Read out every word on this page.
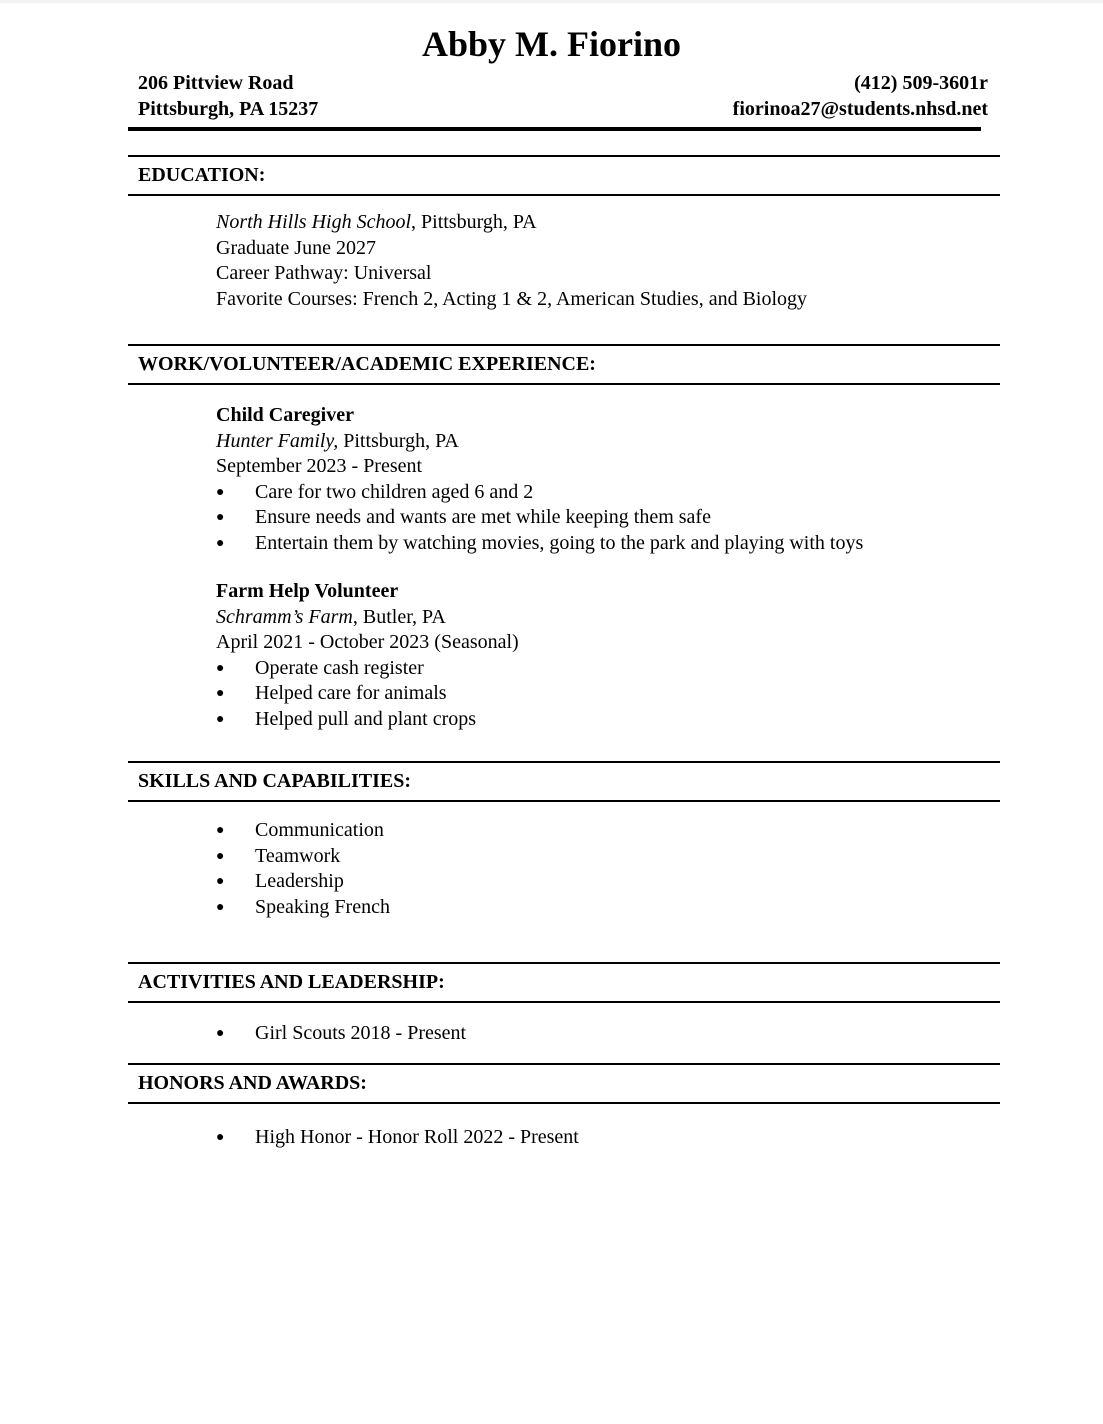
Abby M. Fiorino
206 Pittview Road
Pittsburgh, PA 15237
(412) 509-3601r
fiorinoa27@students.nhsd.net
EDUCATION:
North Hills High School, Pittsburgh, PA
Graduate June 2027
Career Pathway: Universal
Favorite Courses: French 2, Acting 1 & 2, American Studies, and Biology
WORK/VOLUNTEER/ACADEMIC EXPERIENCE:
Child Caregiver
Hunter Family, Pittsburgh, PA
September 2023 - Present
● Care for two children aged 6 and 2
● Ensure needs and wants are met while keeping them safe
● Entertain them by watching movies, going to the park and playing with toys
Farm Help Volunteer
Schramm’s Farm, Butler, PA
April 2021 - October 2023 (Seasonal)
● Operate cash register
● Helped care for animals
● Helped pull and plant crops
SKILLS AND CAPABILITIES:
● Communication
● Teamwork
● Leadership
● Speaking French
ACTIVITIES AND LEADERSHIP:
● Girl Scouts 2018 - Present
HONORS AND AWARDS:
● High Honor - Honor Roll 2022 - Present
